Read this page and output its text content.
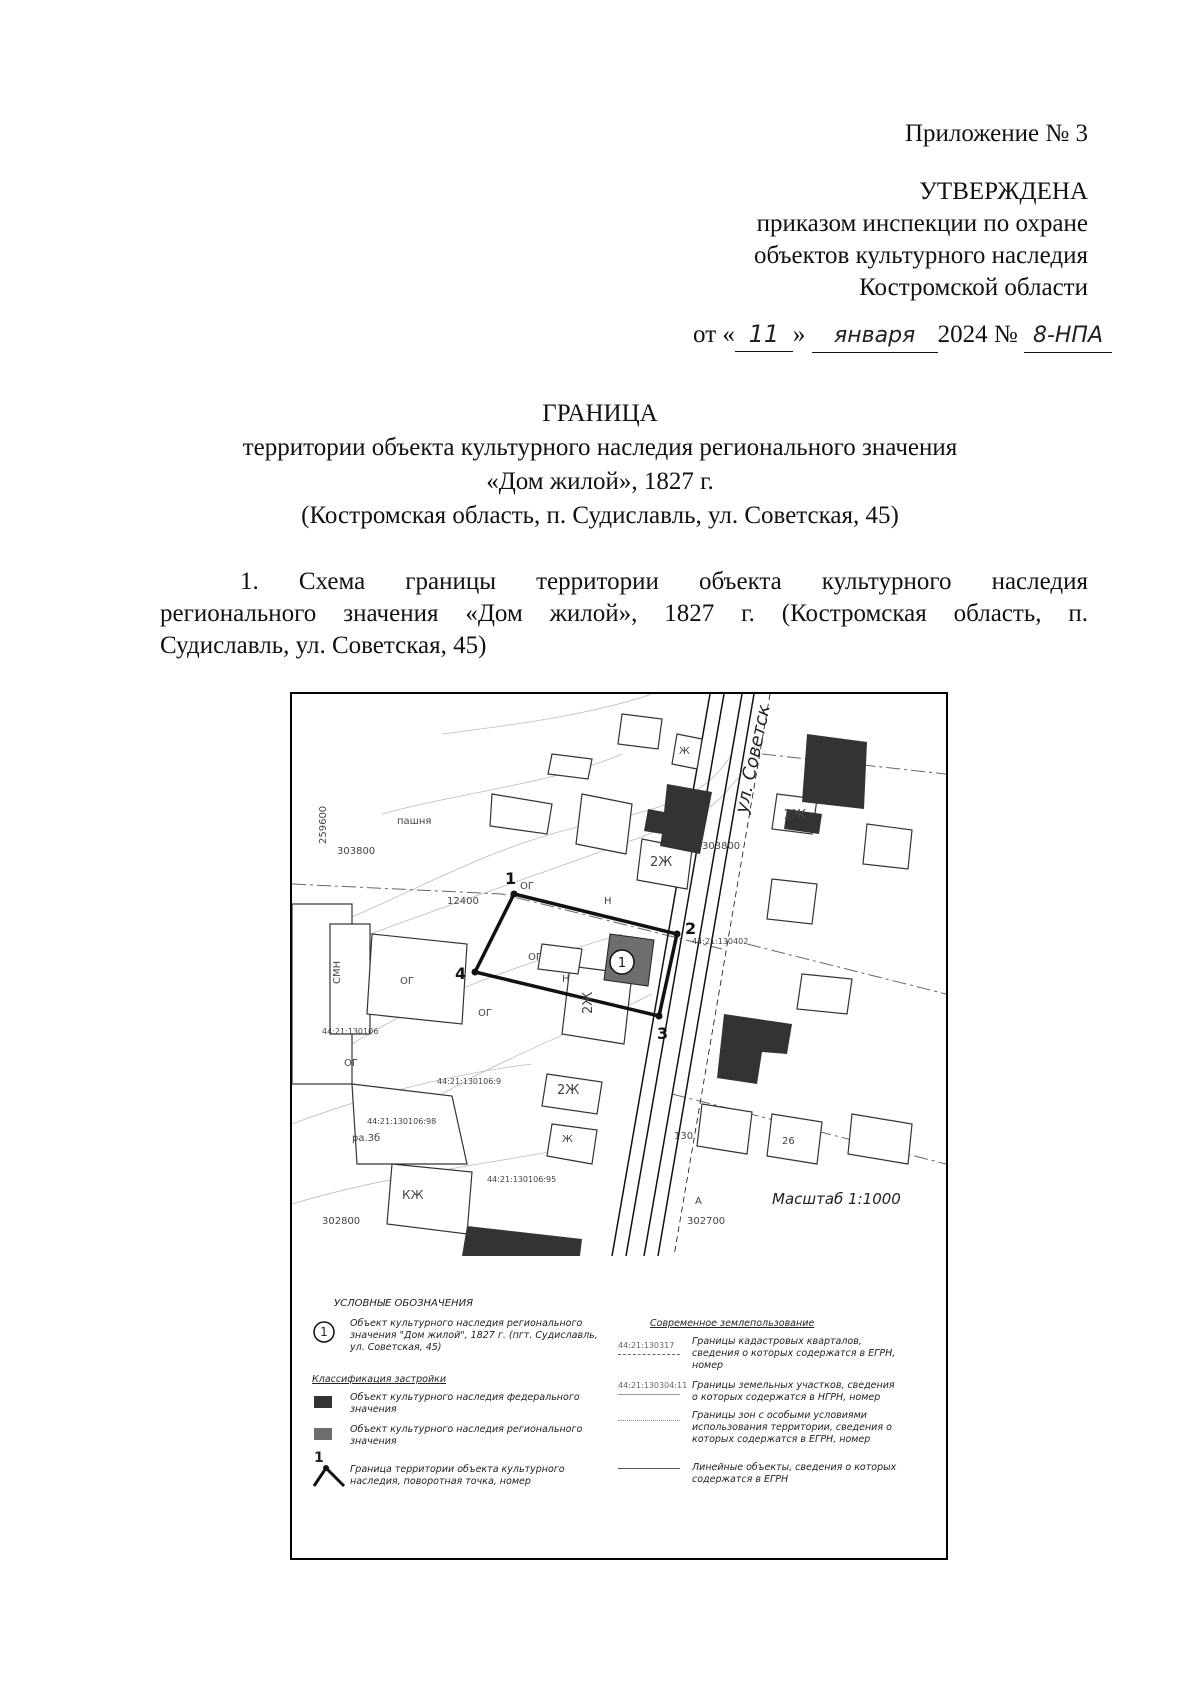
Приложение № 3
УТВЕРЖДЕНА
приказом инспекции по охране
объектов культурного наследия
Костромской области
от « 11 » января 2024 № 8-НПА
ГРАНИЦА
территории объекта культурного наследия регионального значения
«Дом жилой», 1827 г.
(Костромская область, п. Судиславль, ул. Советская, 45)
1. Схема границы территории объекта культурного наследия
регионального значения «Дом жилой», 1827 г. (Костромская область, п.
Судиславль, ул. Советская, 45)
ул. Советск
1
1
2
3
4
пашня
303800
259600
303800
12400
СМН	ОГ
ОГ
ОГ
ОГ
ОГ
Н
Н
Ж
2Ж
2Ж
2Ж
2Ж
Ж
КЖ
ра.3б
44:21:130106
44:21:130106:9
44:21:130106:98
44:21:130106:95
44:21:130402
130	26
А
302700
302800
Масштаб 1:1000
УСЛОВНЫЕ ОБОЗНАЧЕНИЯ
1
Объект культурного наследия регионального
значения "Дом жилой", 1827 г. (пгт. Судиславль,
ул. Советская, 45)
Классификация застройки
Объект культурного наследия федерального
значения
Объект культурного наследия регионального
значения
1
Граница территории объекта культурного
наследия, поворотная точка, номер
Современное землепользование
44:21:130317 Границы кадастровых кварталов,
сведения о которых содержатся в ЕГРН,
номер
44:21:130304:11 Границы земельных участков, сведения
о которых содержатся в НГРН, номер
Границы зон с особыми условиями
использования территории, сведения о
которых содержатся в ЕГРН, номер
Линейные объекты, сведения о которых
содержатся в ЕГРН
